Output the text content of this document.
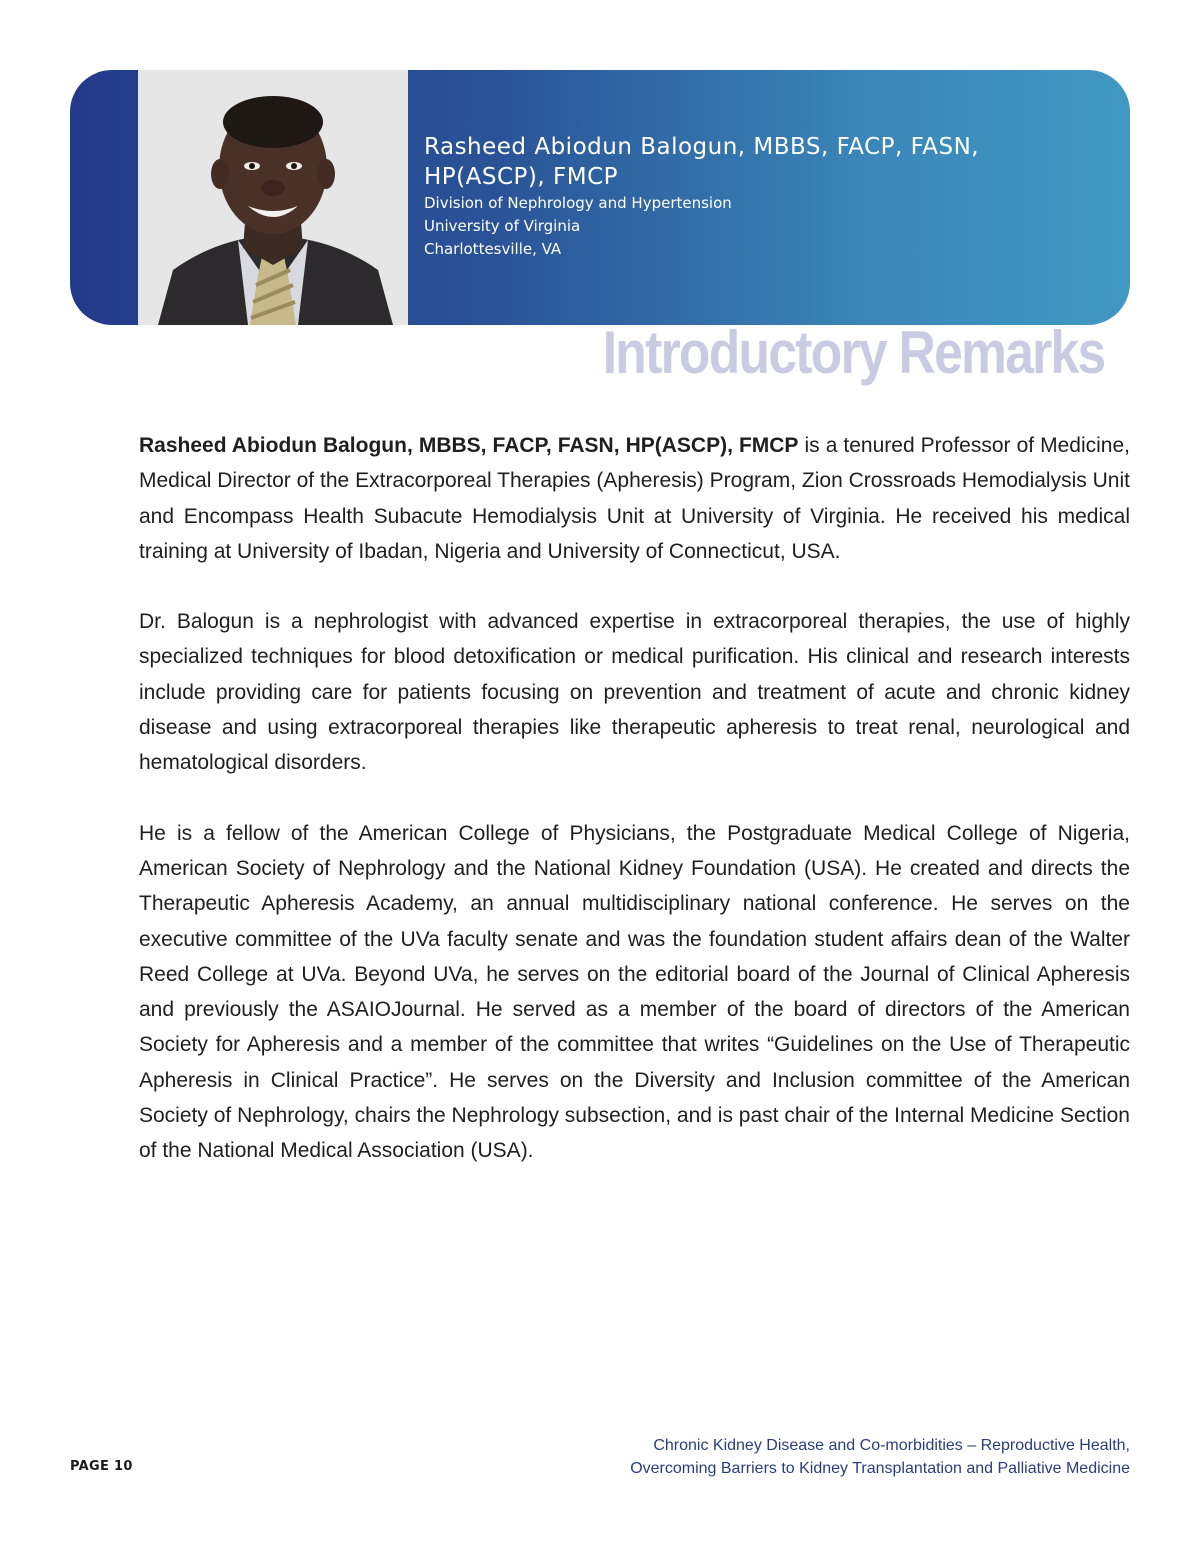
Rasheed Abiodun Balogun, MBBS, FACP, FASN,

HP(ASCP), FMCP

Division of Nephrology and Hypertension

University of Virginia

Charlottesville, VA

Introductory Remarks

Rasheed Abiodun Balogun, MBBS, FACP, FASN, HP(ASCP), FMCP is a tenured Professor of Medicine, Medical Director of the Extracorporeal Therapies (Apheresis) Program, Zion Crossroads Hemodialysis Unit and Encompass Health Subacute Hemodialysis Unit at University of Virginia. He received his medical training at University of Ibadan, Nigeria and University of Connecticut, USA.

Dr. Balogun is a nephrologist with advanced expertise in extracorporeal therapies, the use of highly specialized techniques for blood detoxification or medical purification. His clinical and research interests include providing care for patients focusing on prevention and treatment of acute and chronic kidney disease and using extracorporeal therapies like therapeutic apheresis to treat renal, neurological and hematological disorders.

He is a fellow of the American College of Physicians, the Postgraduate Medical College of Nigeria, American Society of Nephrology and the National Kidney Foundation (USA). He created and directs the Therapeutic Apheresis Academy, an annual multidisciplinary national conference. He serves on the executive committee of the UVa faculty senate and was the foundation student affairs dean of the Walter Reed College at UVa. Beyond UVa, he serves on the editorial board of the Journal of Clinical Apheresis and previously the ASAIOJournal. He served as a member of the board of directors of the American Society for Apheresis and a member of the committee that writes “Guidelines on the Use of Therapeutic Apheresis in Clinical Practice”. He serves on the Diversity and Inclusion committee of the American Society of Nephrology, chairs the Nephrology subsection, and is past chair of the Internal Medicine Section of the National Medical Association (USA).

PAGE 10
Chronic Kidney Disease and Co-morbidities – Reproductive Health,
Overcoming Barriers to Kidney Transplantation and Palliative Medicine
